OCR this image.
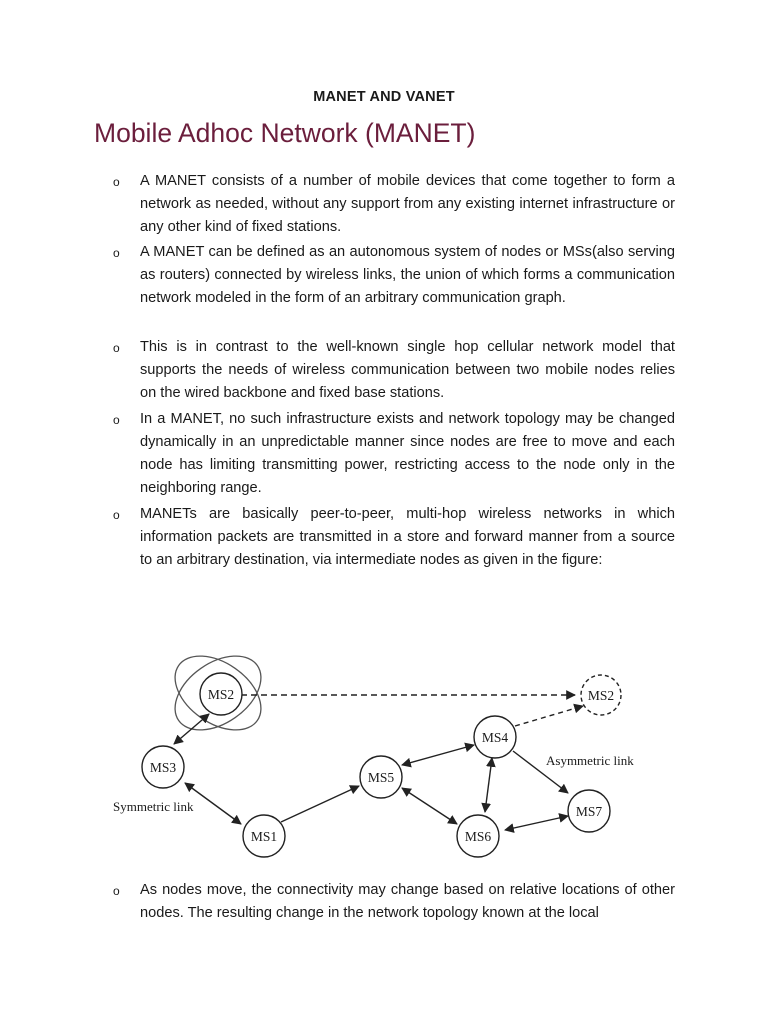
MANET AND VANET
Mobile Adhoc Network (MANET)
o A MANET consists of a number of mobile devices that come together to form a network as needed, without any support from any existing internet infrastructure or any other kind of fixed stations.
o A MANET can be defined as an autonomous system of nodes or MSs(also serving as routers) connected by wireless links, the union of which forms a communication network modeled in the form of an arbitrary communication graph.
o This is in contrast to the well-known single hop cellular network model that supports the needs of wireless communication between two mobile nodes relies on the wired backbone and fixed base stations.
o In a MANET, no such infrastructure exists and network topology may be changed dynamically in an unpredictable manner since nodes are free to move and each node has limiting transmitting power, restricting access to the node only in the neighboring range.
o MANETs are basically peer-to-peer, multi-hop wireless networks in which information packets are transmitted in a store and forward manner from a source to an arbitrary destination, via intermediate nodes as given in the figure:
o As nodes move, the connectivity may change based on relative locations of other nodes. The resulting change in the network topology known at the local
MS2	MS2
MS3
MS1
MS5
MS4
MS6
MS7
Symmetric link
Asymmetric link
